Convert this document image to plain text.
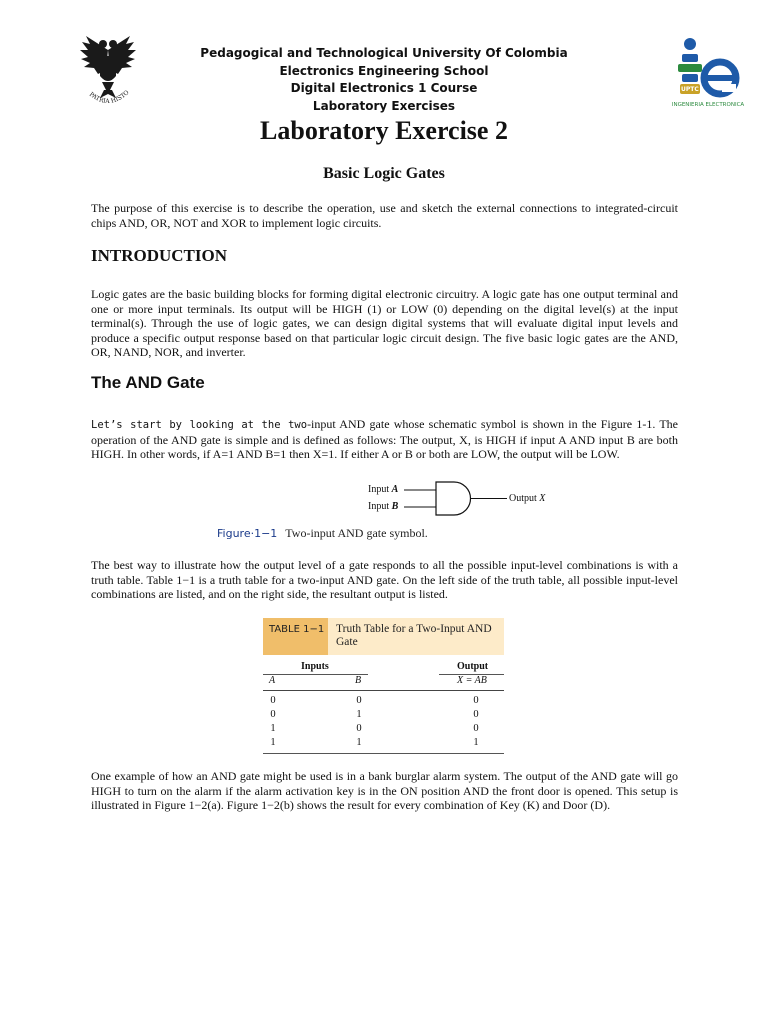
PATRIA HISTO
Pedagogical and Technological University Of Colombia
Electronics Engineering School
Digital Electronics 1 Course
Laboratory Exercises
UPTC
INGENIERIA ELECTRONICA
Laboratory Exercise 2
Basic Logic Gates

The purpose of this exercise is to describe the operation, use and sketch the external connections to integrated-circuit chips AND, OR, NOT and XOR to implement logic circuits.

INTRODUCTION

Logic gates are the basic building blocks for forming digital electronic circuitry. A logic gate has one output terminal and one or more input terminals. Its output will be HIGH (1) or LOW (0) depending on the digital level(s) at the input terminal(s). Through the use of logic gates, we can design digital systems that will evaluate digital input levels and produce a specific output response based on that particular logic circuit design. The five basic logic gates are the AND, OR, NAND, NOR, and inverter.

The AND Gate

Let’s start by looking at the two-input AND gate whose schematic symbol is shown in the Figure 1-1. The operation of the AND gate is simple and is defined as follows: The output, X, is HIGH if input A AND input B are both HIGH. In other words, if A=1 AND B=1 then X=1. If either A or B or both are LOW, the output will be LOW.

Input A
Input B
Output X
Figure·1−1 Two-input AND gate symbol.

The best way to illustrate how the output level of a gate responds to all the possible input-level combinations is with a truth table. Table 1−1 is a truth table for a two-input AND gate. On the left side of the truth table, all possible input-level combinations are listed, and on the right side, the resultant output is listed.

TABLE 1−1	Truth Table for a Two-Input AND Gate
Inputs	Output
A	B	X = AB
0	0	0
0	1	0
1	0	0
1	1	1

One example of how an AND gate might be used is in a bank burglar alarm system. The output of the AND gate will go HIGH to turn on the alarm if the alarm activation key is in the ON position AND the front door is opened. This setup is illustrated in Figure 1−2(a). Figure 1−2(b) shows the result for every combination of Key (K) and Door (D).
